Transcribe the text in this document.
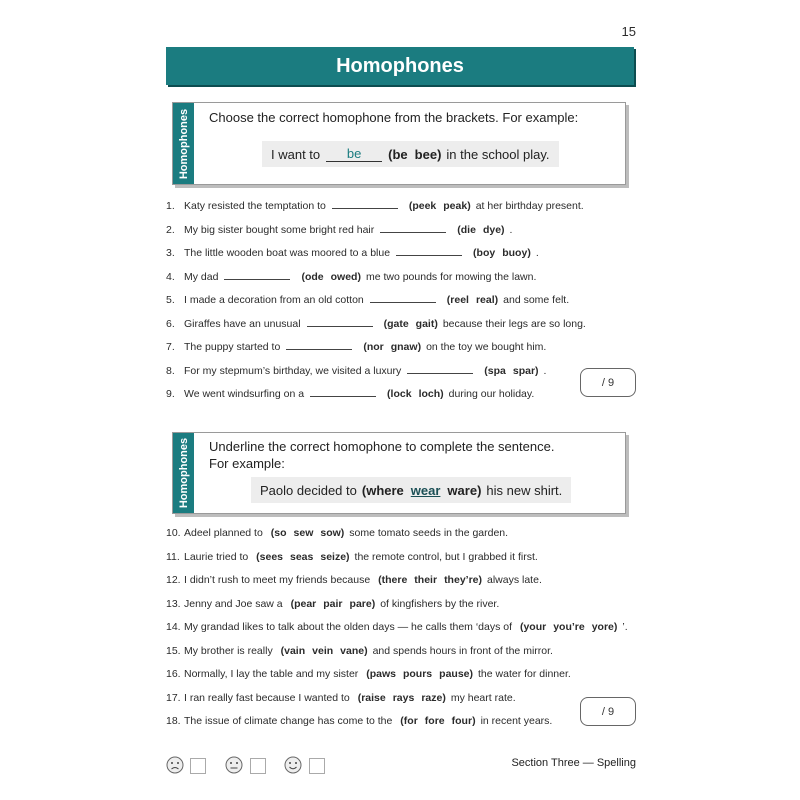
15
Homophones
Homophones Choose the correct homophone from the brackets. For example:
I want to	be	(be bee) in the school play.
1. Katy resisted the temptation to	(peek peak) at her birthday present.
2. My big sister bought some bright red hair	(die dye) .
3. The little wooden boat was moored to a blue	(boy buoy) .
4. My dad	(ode owed) me two pounds for mowing the lawn.
5. I made a decoration from an old cotton	(reel real) and some felt.
6. Giraffes have an unusual	(gate gait) because their legs are so long.
7. The puppy started to	(nor gnaw) on the toy we bought him.
8. For my stepmum’s birthday, we visited a luxury	(spa spar) .
9. We went windsurfing on a	(lock loch) during our holiday.
/ 9
Homophones Underline the correct homophone to complete the sentence.
For example:
Paolo decided to (where wear ware) his new shirt.
10. Adeel planned to (so sew sow) some tomato seeds in the garden.
11. Laurie tried to (sees seas seize) the remote control, but I grabbed it first.
12. I didn’t rush to meet my friends because (there their they’re) always late.
13. Jenny and Joe saw a (pear pair pare) of kingfishers by the river.
14. My grandad likes to talk about the olden days — he calls them ‘days of (your you’re yore) ’.
15. My brother is really (vain vein vane) and spends hours in front of the mirror.
16. Normally, I lay the table and my sister (paws pours pause) the water for dinner.
17. I ran really fast because I wanted to (raise rays raze) my heart rate.
18. The issue of climate change has come to the (for fore four) in recent years.
/ 9
Section Three — Spelling
